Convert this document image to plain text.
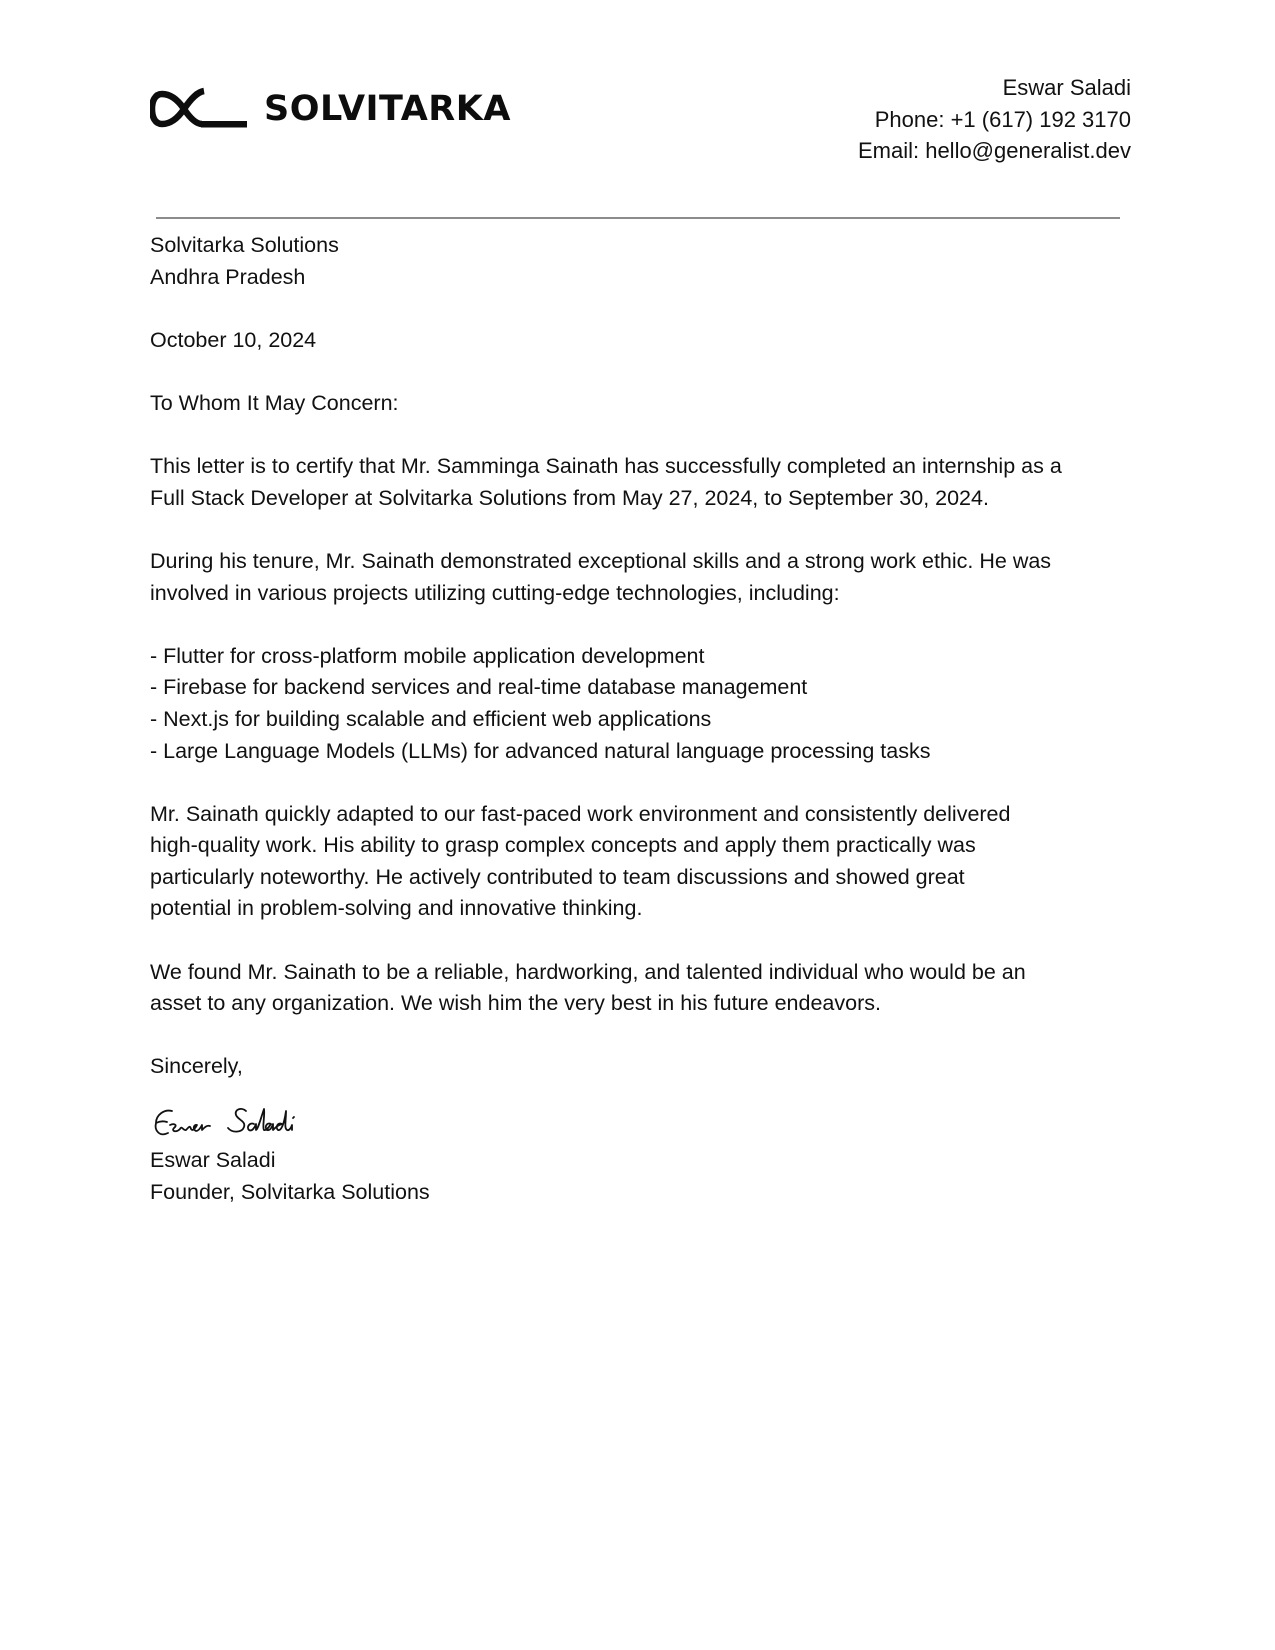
SOLVITARKA
Eswar Saladi
Phone: +1 (617) 192 3170
Email: hello@generalist.dev

Solvitarka Solutions
Andhra Pradesh

October 10, 2024

To Whom It May Concern:

This letter is to certify that Mr. Samminga Sainath has successfully completed an internship as a
Full Stack Developer at Solvitarka Solutions from May 27, 2024, to September 30, 2024.

During his tenure, Mr. Sainath demonstrated exceptional skills and a strong work ethic. He was
involved in various projects utilizing cutting-edge technologies, including:

- Flutter for cross-platform mobile application development
- Firebase for backend services and real-time database management
- Next.js for building scalable and efficient web applications
- Large Language Models (LLMs) for advanced natural language processing tasks

Mr. Sainath quickly adapted to our fast-paced work environment and consistently delivered
high-quality work. His ability to grasp complex concepts and apply them practically was
particularly noteworthy. He actively contributed to team discussions and showed great
potential in problem-solving and innovative thinking.

We found Mr. Sainath to be a reliable, hardworking, and talented individual who would be an
asset to any organization. We wish him the very best in his future endeavors.

Sincerely,
Eswar Saladi
Founder, Solvitarka Solutions
